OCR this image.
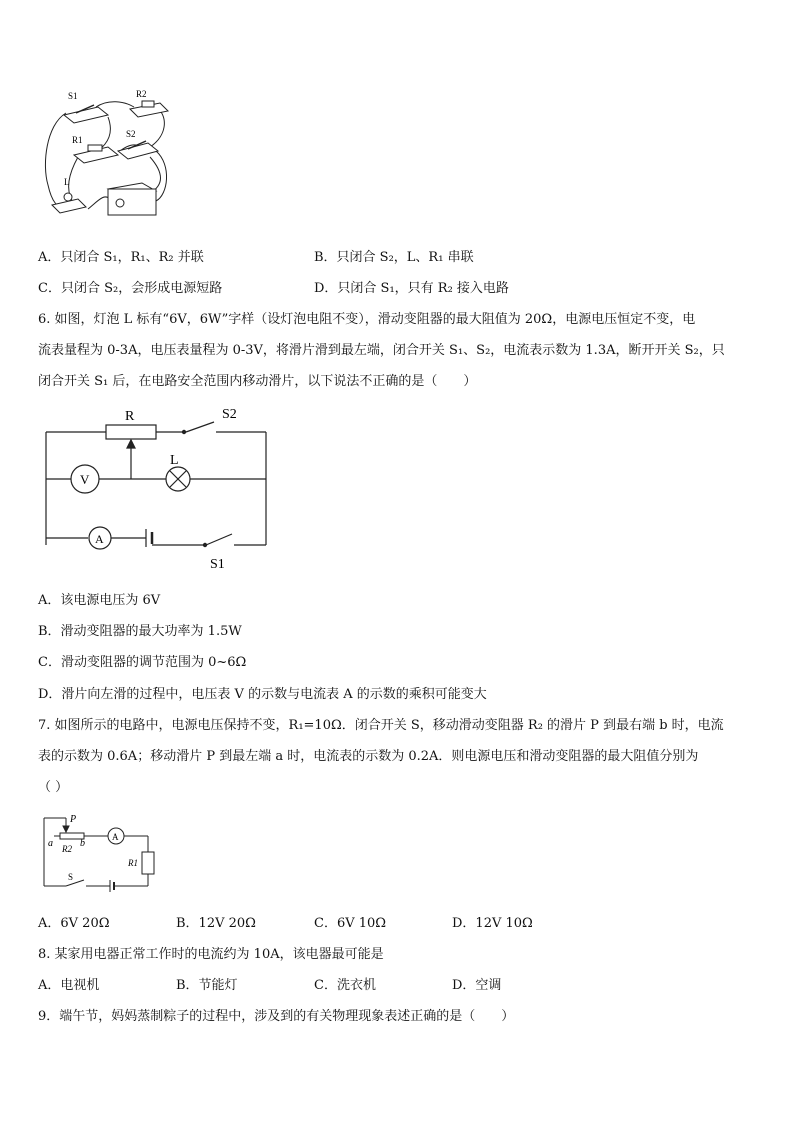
S1	R2
R1
S2
L
A．只闭合 S₁，R₁、R₂ 并联	B．只闭合 S₂，L、R₁ 串联
C．只闭合 S₂，会形成电源短路	D．只闭合 S₁，只有 R₂ 接入电路
6. 如图，灯泡 L 标有“6V，6W”字样（设灯泡电阻不变），滑动变阻器的最大阻值为 20Ω，电源电压恒定不变，电
流表量程为 0-3A，电压表量程为 0-3V，将滑片滑到最左端，闭合开关 S₁、S₂，电流表示数为 1.3A，断开开关 S₂，只
闭合开关 S₁ 后，在电路安全范围内移动滑片，以下说法不正确的是（　　）
R	S2
V
L
A
S1
A．该电源电压为 6V
B．滑动变阻器的最大功率为 1.5W
C．滑动变阻器的调节范围为 0~6Ω
D．滑片向左滑的过程中，电压表 V 的示数与电流表 A 的示数的乘积可能变大
7. 如图所示的电路中，电源电压保持不变，R₁=10Ω．闭合开关 S，移动滑动变阻器 R₂ 的滑片 P 到最右端 b 时，电流
表的示数为 0.6A；移动滑片 P 到最左端 a 时，电流表的示数为 0.2A．则电源电压和滑动变阻器的最大阻值分别为
（ ）
P
a	b
R2
A
R1
S
A．6V 20Ω	B．12V 20Ω	C．6V 10Ω	D．12V 10Ω
8. 某家用电器正常工作时的电流约为 10A，该电器最可能是
A．电视机	B．节能灯	C．洗衣机	D．空调
9．端午节，妈妈蒸制粽子的过程中，涉及到的有关物理现象表述正确的是（　　）
